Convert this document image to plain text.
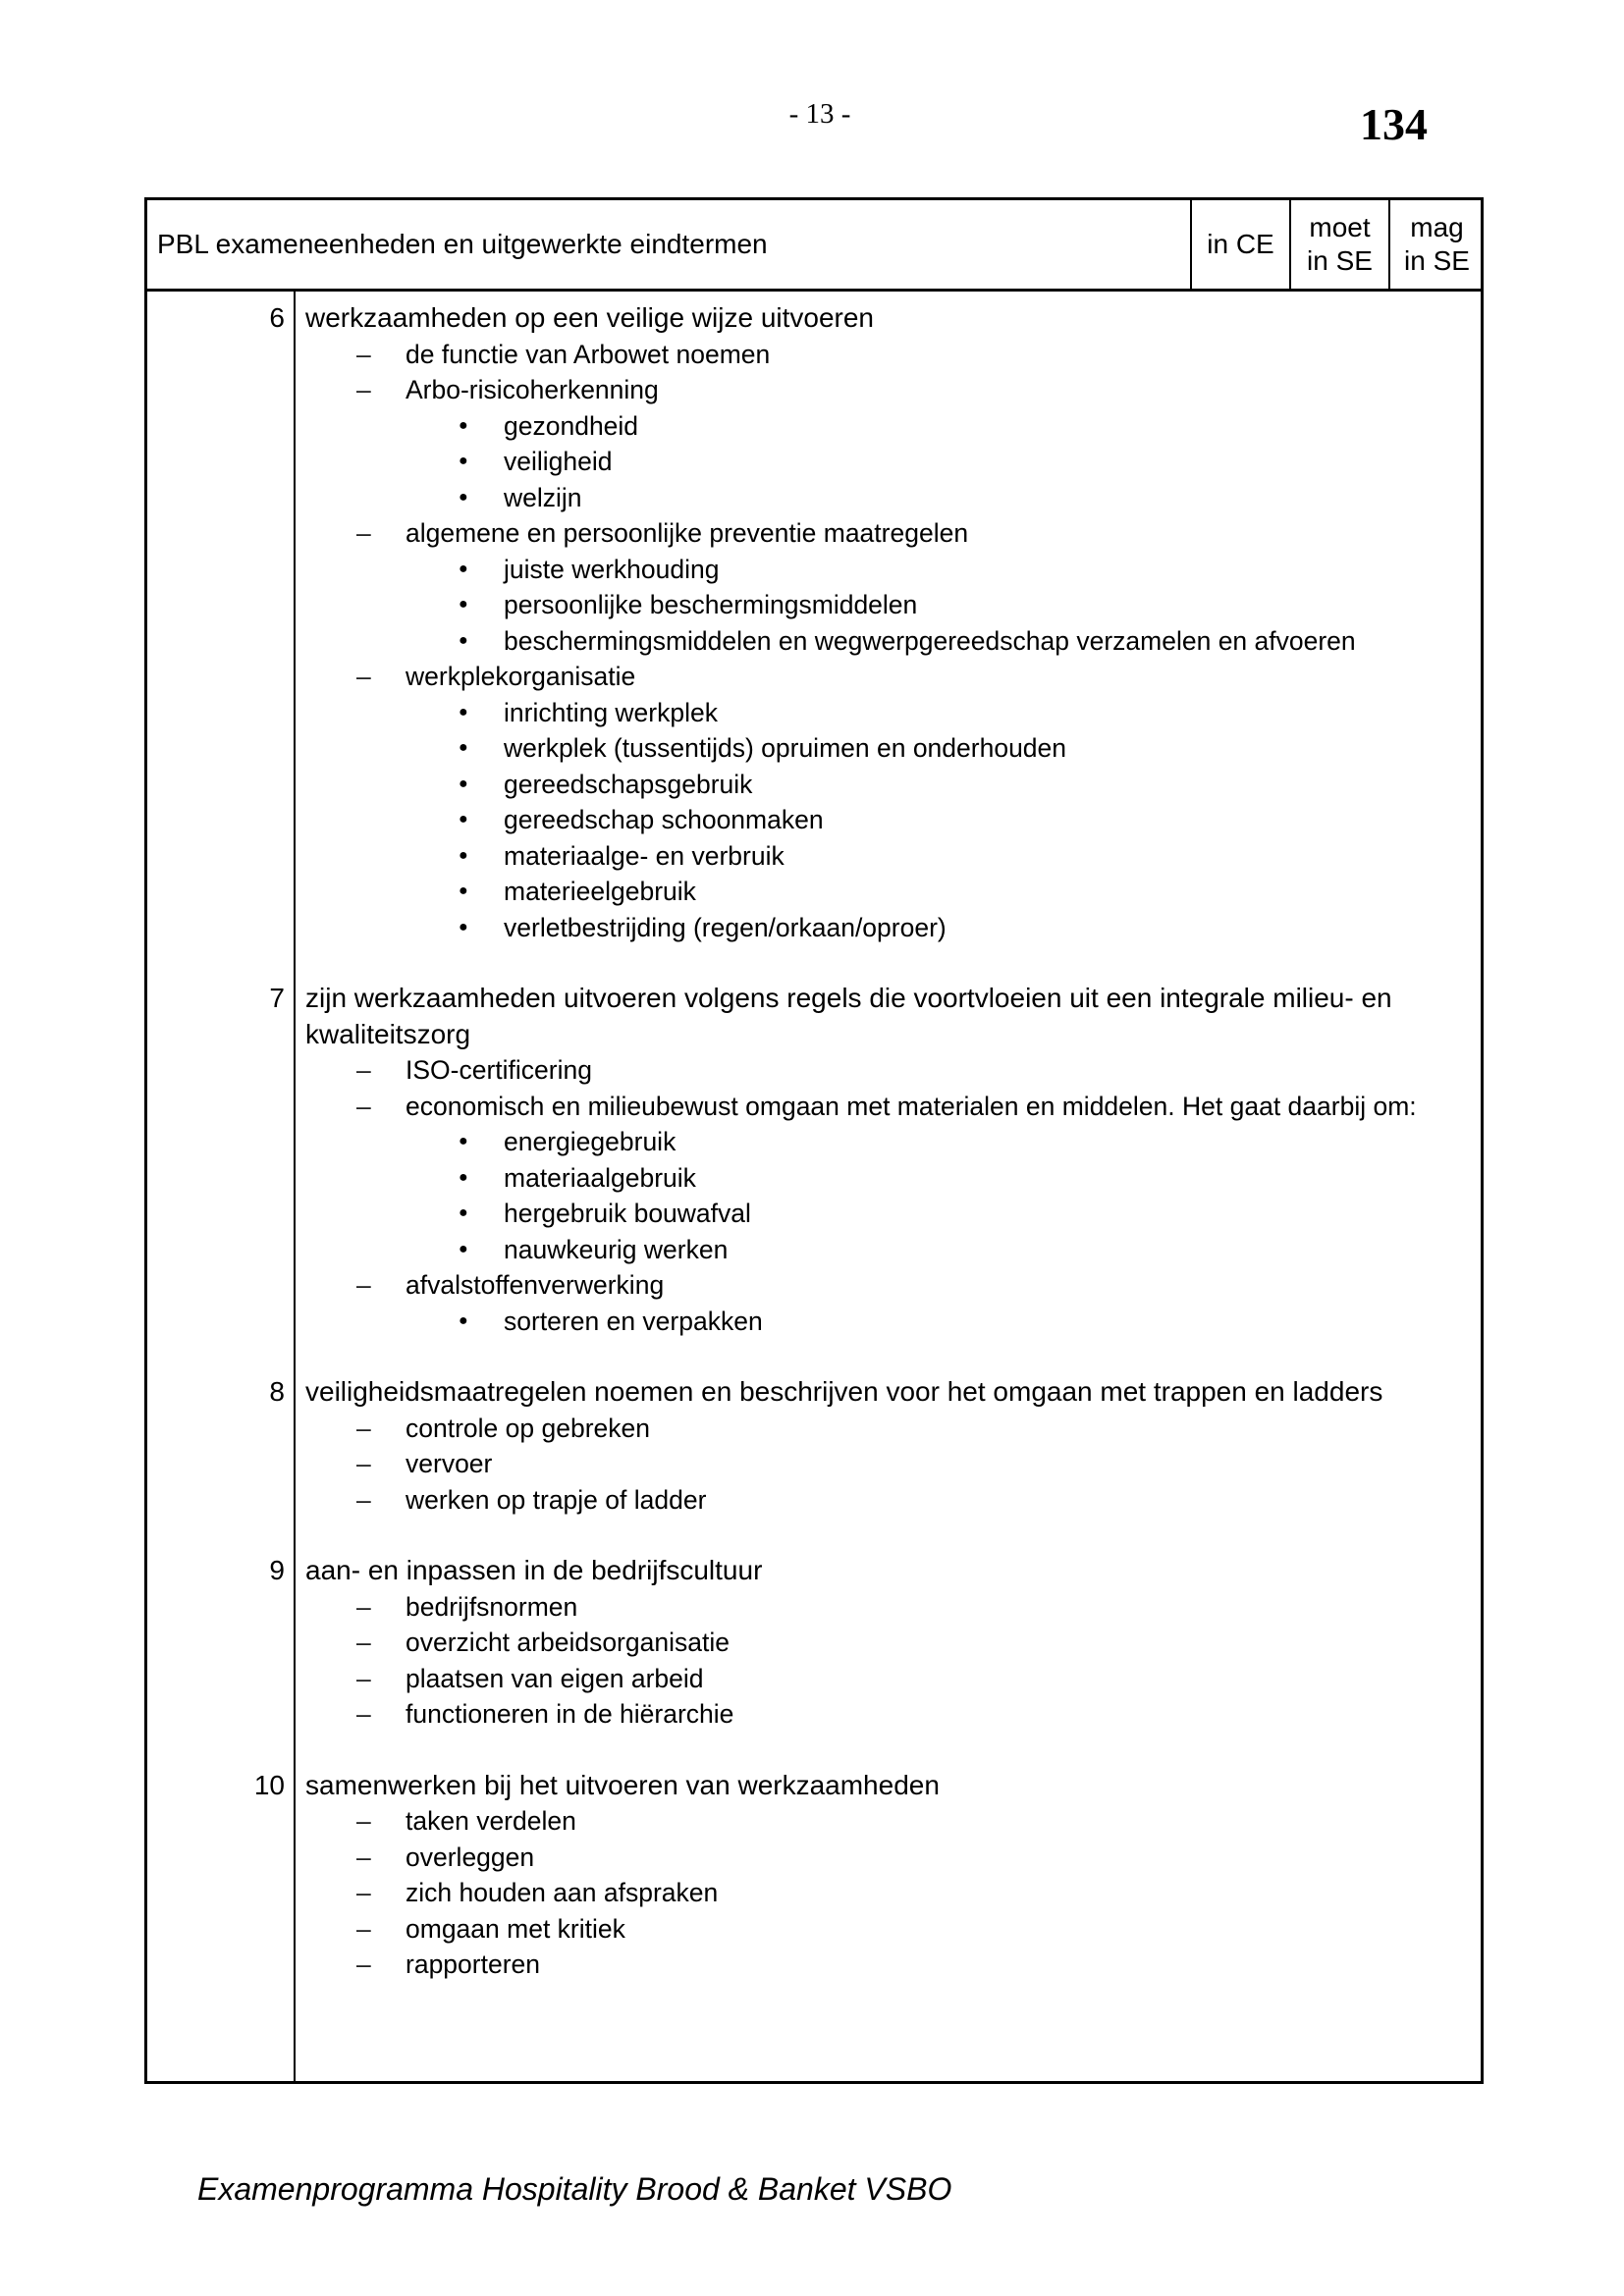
- 13 -	134
PBL exameneenheden en uitgewerkte eindtermen	in CE
moet
in SE
mag
in SE
6 werkzaamheden op een veilige wijze uitvoeren
– de functie van Arbowet noemen
– Arbo-risicoherkenning
● gezondheid
● veiligheid
● welzijn
– algemene en persoonlijke preventie maatregelen
● juiste werkhouding
● persoonlijke beschermingsmiddelen
● beschermingsmiddelen en wegwerpgereedschap verzamelen en afvoeren
– werkplekorganisatie
● inrichting werkplek
● werkplek (tussentijds) opruimen en onderhouden
● gereedschapsgebruik
● gereedschap schoonmaken
● materiaalge- en verbruik
● materieelgebruik
● verletbestrijding (regen/orkaan/oproer)
7 zijn werkzaamheden uitvoeren volgens regels die voortvloeien uit een integrale milieu- en kwaliteitszorg
– ISO-certificering
– economisch en milieubewust omgaan met materialen en middelen. Het gaat daarbij om:
● energiegebruik
● materiaalgebruik
● hergebruik bouwafval
● nauwkeurig werken
– afvalstoffenverwerking
● sorteren en verpakken
8 veiligheidsmaatregelen noemen en beschrijven voor het omgaan met trappen en ladders
– controle op gebreken
– vervoer
– werken op trapje of ladder
9 aan- en inpassen in de bedrijfscultuur
– bedrijfsnormen
– overzicht arbeidsorganisatie
– plaatsen van eigen arbeid
– functioneren in de hiërarchie
10 samenwerken bij het uitvoeren van werkzaamheden
– taken verdelen
– overleggen
– zich houden aan afspraken
– omgaan met kritiek
– rapporteren
Examenprogramma Hospitality Brood & Banket VSBO
